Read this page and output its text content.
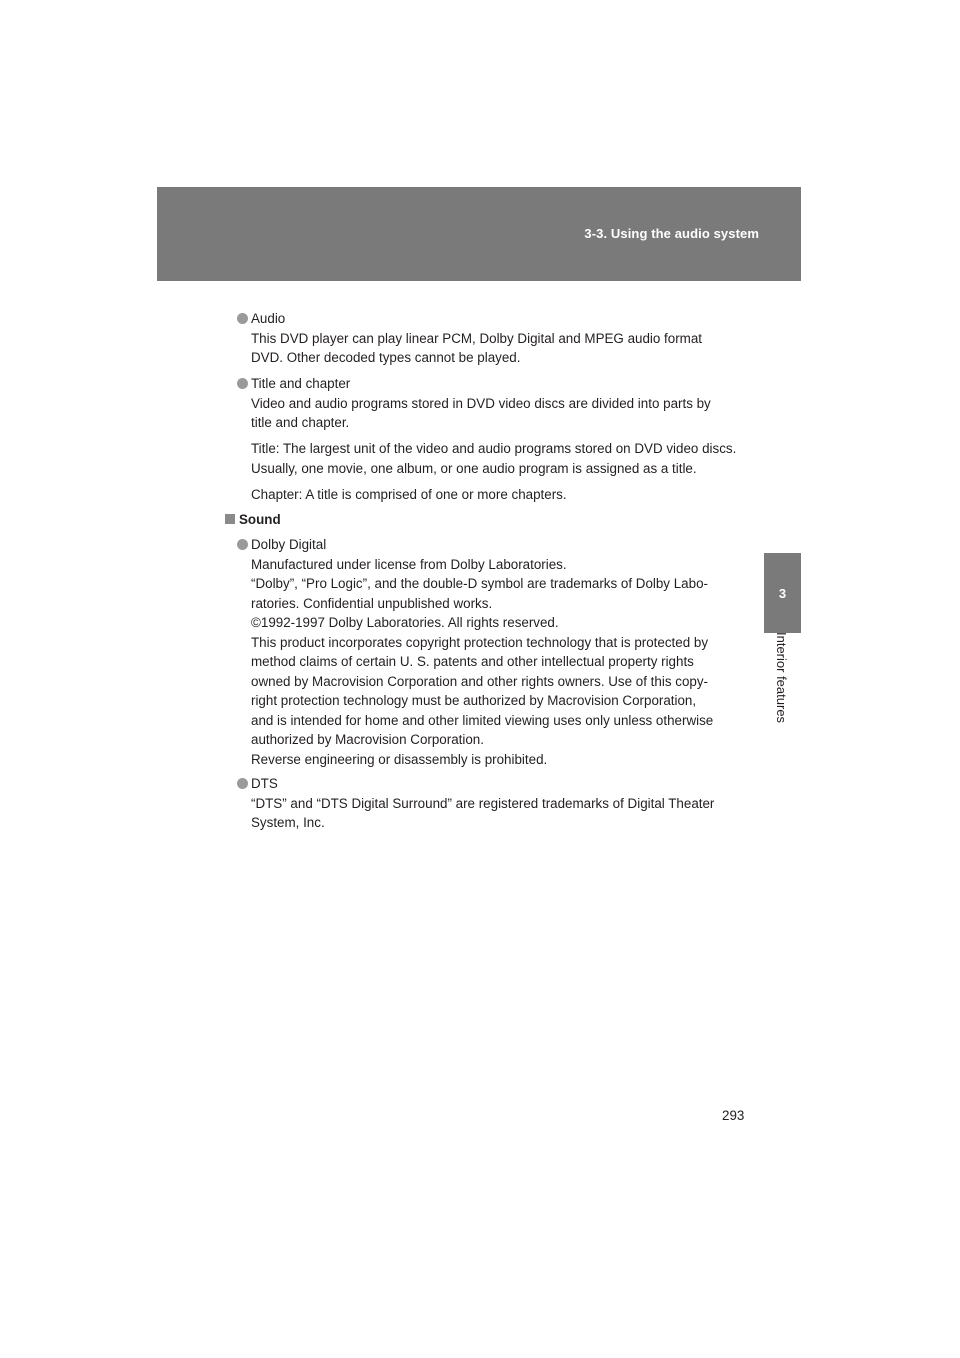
3-3. Using the audio system
3
Interior features
Audio
This DVD player can play linear PCM, Dolby Digital and MPEG audio format
DVD. Other decoded types cannot be played.
Title and chapter
Video and audio programs stored in DVD video discs are divided into parts by
title and chapter.
Title: The largest unit of the video and audio programs stored on DVD video discs.
Usually, one movie, one album, or one audio program is assigned as a title.
Chapter: A title is comprised of one or more chapters.
Sound
Dolby Digital
Manufactured under license from Dolby Laboratories.
“Dolby”, “Pro Logic”, and the double-D symbol are trademarks of Dolby Labo-
ratories. Confidential unpublished works.
©1992-1997 Dolby Laboratories. All rights reserved.
This product incorporates copyright protection technology that is protected by
method claims of certain U. S. patents and other intellectual property rights
owned by Macrovision Corporation and other rights owners. Use of this copy-
right protection technology must be authorized by Macrovision Corporation,
and is intended for home and other limited viewing uses only unless otherwise
authorized by Macrovision Corporation.
Reverse engineering or disassembly is prohibited.
DTS
“DTS” and “DTS Digital Surround” are registered trademarks of Digital Theater
System, Inc.
293
